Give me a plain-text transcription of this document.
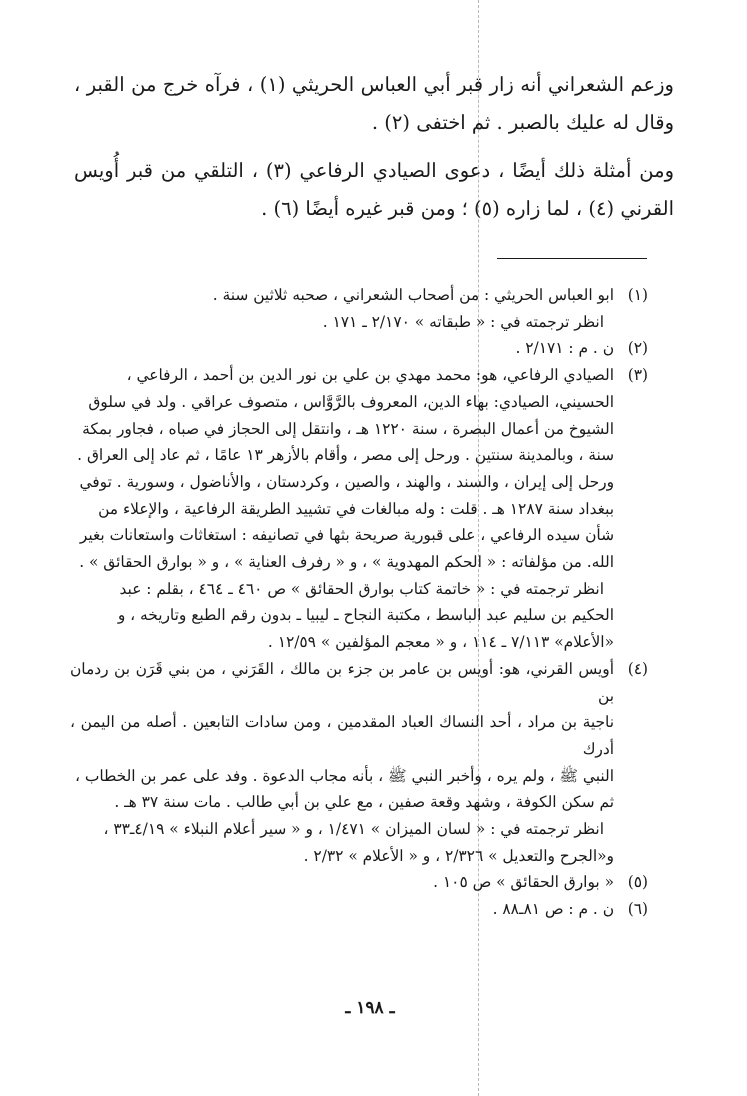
وزعم الشعراني أنه زار قبر أبي العباس الحريثي (١) ، فرآه خرج من القبر ، وقال له عليك بالصبر . ثم اختفى (٢) .

ومن أمثلة ذلك أيضًا ، دعوى الصيادي الرفاعي (٣) ، التلقي من قبر أُويس القرني (٤) ، لما زاره (٥) ؛ ومن قبر غيره أيضًا (٦) .

(١)
ابو العباس الحريثي : من أصحاب الشعراني ، صحبه ثلاثين سنة .
انظر ترجمته في : « طبقاته » ٢/١٧٠ ـ ١٧١ .
(٢)
ن . م : ٢/١٧١ .
(٣)
الصيادي الرفاعي، هو: محمد مهدي بن علي بن نور الدين بن أحمد ، الرفاعي ،
الحسيني، الصيادي: بهاء الدين، المعروف بالرَّوَّاس ، متصوف عراقي . ولد في سلوق
الشيوخ من أعمال البصرة ، سنة ١٢٢٠ هـ ، وانتقل إلى الحجاز في صباه ، فجاور بمكة
سنة ، وبالمدينة سنتين . ورحل إلى مصر ، وأقام بالأزهر ١٣ عامًا ، ثم عاد إلى العراق .
ورحل إلى إيران ، والسند ، والهند ، والصين ، وكردستان ، والأناضول ، وسورية . توفي
ببغداد سنة ١٢٨٧ هـ . قلت : وله مبالغات في تشييد الطريقة الرفاعية ، والإعلاء من
شأن سيده الرفاعي ، على قبورية صريحة بثها في تصانيفه : استغاثات واستعانات بغير
الله. من مؤلفاته : « الحكم المهدوية » ، و « رفرف العناية » ، و « بوارق الحقائق » .
انظر ترجمته في : « خاتمة كتاب بوارق الحقائق » ص ٤٦٠ ـ ٤٦٤ ، بقلم : عبد
الحكيم بن سليم عبد الباسط ، مكتبة النجاح ـ ليبيا ـ بدون رقم الطبع وتاريخه ، و
«الأعلام» ٧/١١٣ ـ ١١٤ ، و « معجم المؤلفين » ١٢/٥٩ .
(٤)
أويس القرني، هو: أويس بن عامر بن جزء بن مالك ، القَرَني ، من بني قَرَن بن ردمان بن
ناجية بن مراد ، أحد النساك العباد المقدمين ، ومن سادات التابعين . أصله من اليمن ، أدرك
النبي ﷺ ، ولم يره ، وأخبر النبي ﷺ ، بأنه مجاب الدعوة . وفد على عمر بن الخطاب ،
ثم سكن الكوفة ، وشهد وقعة صفين ، مع علي بن أبي طالب . مات سنة ٣٧ هـ .
انظر ترجمته في : « لسان الميزان » ١/٤٧١ ، و « سير أعلام النبلاء » ٤/١٩ـ٣٣ ،
و«الجرح والتعديل » ٢/٣٢٦ ، و « الأعلام » ٢/٣٢ .
(٥)
« بوارق الحقائق » ص ١٠٥ .
(٦)
ن . م : ص ٨١ـ٨٨ .
ـ ١٩٨ ـ
